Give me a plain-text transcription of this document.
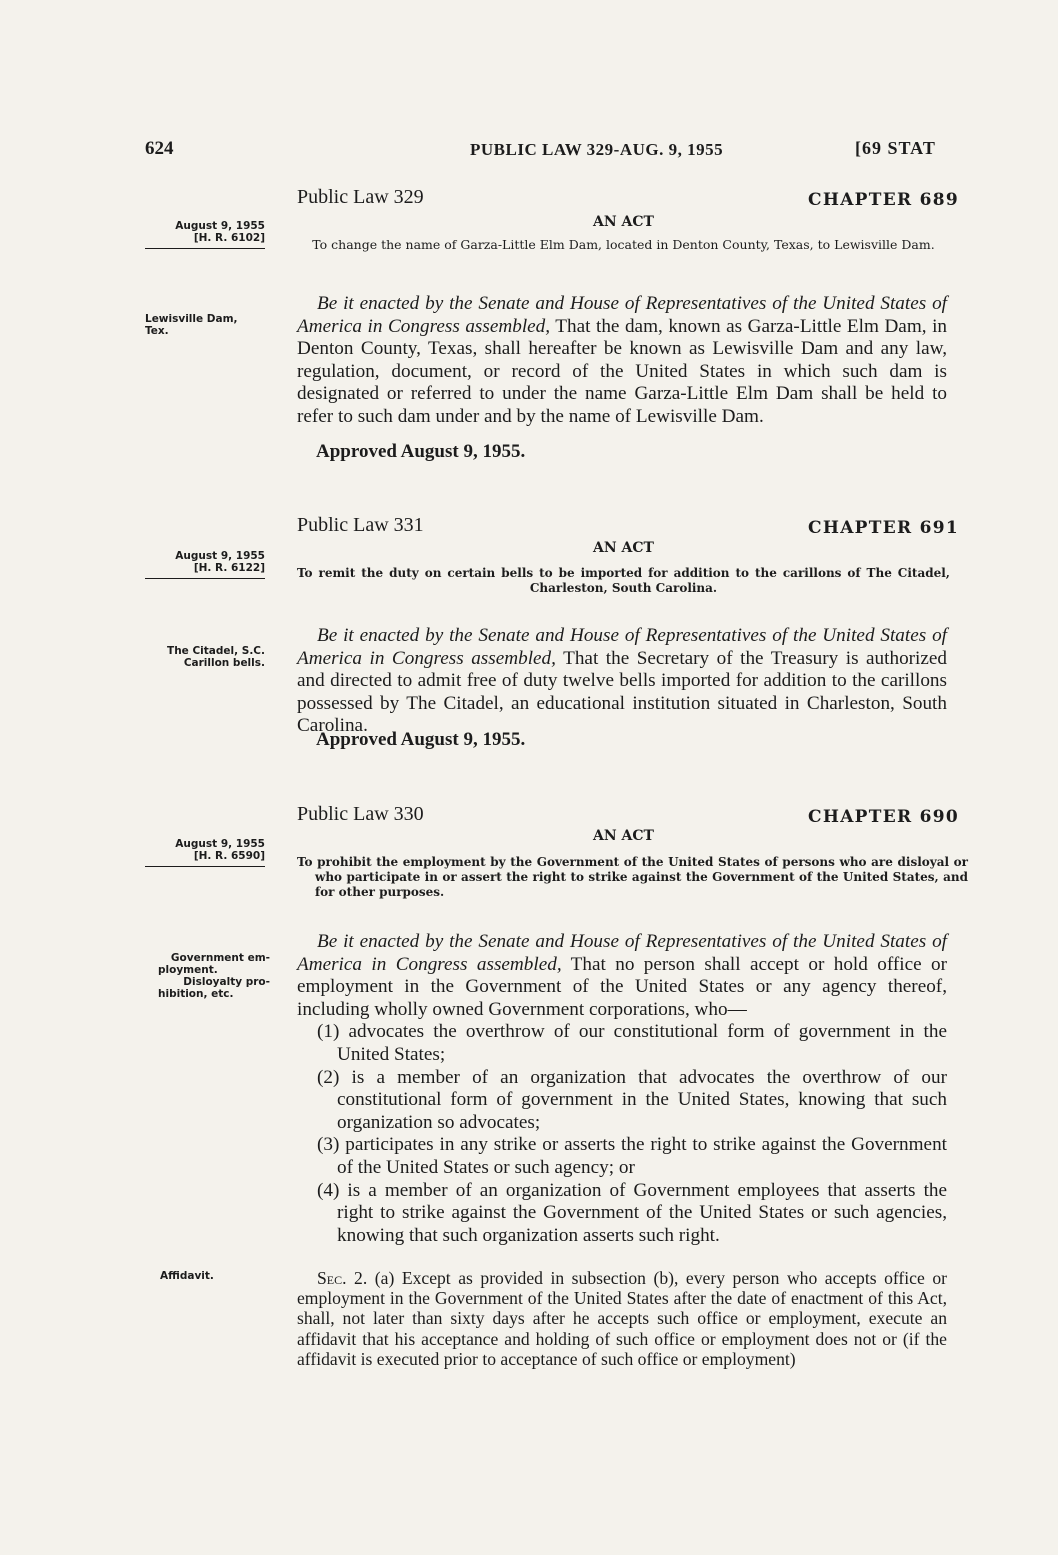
624	PUBLIC LAW 329-AUG. 9, 1955	[69 STAT
Public Law 329	CHAPTER 689
AN ACT
August 9, 1955
[H. R. 6102]	To change the name of Garza-Little Elm Dam, located in Denton County, Texas, to Lewisville Dam.
Lewisville Dam,
Tex.

Be it enacted by the Senate and House of Representatives of the United States of America in Congress assembled, That the dam, known as Garza-Little Elm Dam, in Denton County, Texas, shall hereafter be known as Lewisville Dam and any law, regulation, document, or record of the United States in which such dam is designated or referred to under the name Garza-Little Elm Dam shall be held to refer to such dam under and by the name of Lewisville Dam.

Approved August 9, 1955.
Public Law 331	CHAPTER 691
AN ACT
August 9, 1955
[H. R. 6122]	To remit the duty on certain bells to be imported for addition to the carillons of The Citadel, Charleston, South Carolina.
The Citadel, S.C.
Carillon bells.

Be it enacted by the Senate and House of Representatives of the United States of America in Congress assembled, That the Secretary of the Treasury is authorized and directed to admit free of duty twelve bells imported for addition to the carillons possessed by The Citadel, an educational institution situated in Charleston, South Carolina.

Approved August 9, 1955.
Public Law 330	CHAPTER 690
AN ACT
August 9, 1955
[H. R. 6590]	To prohibit the employment by the Government of the United States of persons who are disloyal or who participate in or assert the right to strike against the Government of the United States, and for other purposes.
Government em-
ployment.
Disloyalty pro-
hibition, etc.

Be it enacted by the Senate and House of Representatives of the United States of America in Congress assembled, That no person shall accept or hold office or employment in the Government of the United States or any agency thereof, including wholly owned Government corporations, who—

(1) advocates the overthrow of our constitutional form of government in the United States;

(2) is a member of an organization that advocates the overthrow of our constitutional form of government in the United States, knowing that such organization so advocates;

(3) participates in any strike or asserts the right to strike against the Government of the United States or such agency; or

(4) is a member of an organization of Government employees that asserts the right to strike against the Government of the United States or such agencies, knowing that such organization asserts such right.

Affidavit.	Sec. 2. (a) Except as provided in subsection (b), every person who accepts office or employment in the Government of the United States after the date of enactment of this Act, shall, not later than sixty days after he accepts such office or employment, execute an affidavit that his acceptance and holding of such office or employment does not or (if the affidavit is executed prior to acceptance of such office or employment)
